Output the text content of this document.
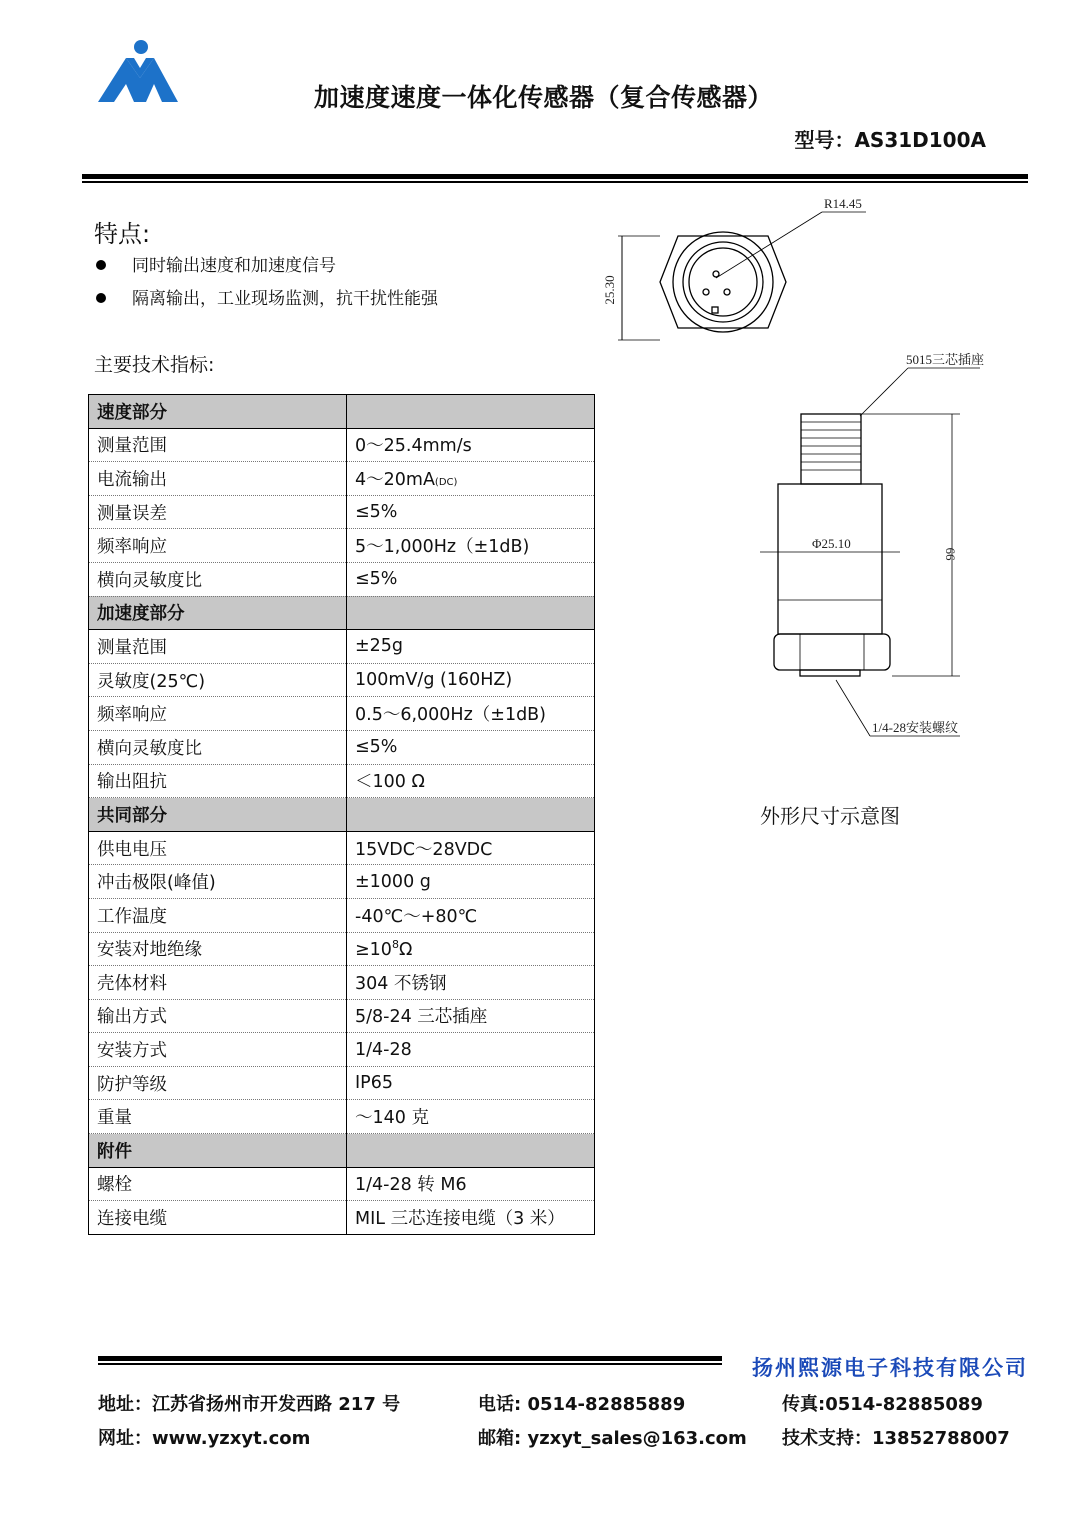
加速度速度一体化传感器（复合传感器）
型号：AS31D100A
特点:
同时输出速度和加速度信号
隔离输出，工业现场监测，抗干扰性能强
主要技术指标:
速度部分	
测量范围	0～25.4mm/s
电流输出	4～20mA(DC)
测量误差	≤5%
频率响应	5～1,000Hz（±1dB)
横向灵敏度比	≤5%
加速度部分	
测量范围	±25g
灵敏度(25℃)	100mV/g (160HZ)
频率响应	0.5～6,000Hz（±1dB)
横向灵敏度比	≤5%
输出阻抗	＜100 Ω
共同部分	
供电电压	15VDC～28VDC
冲击极限(峰值)	±1000 g
工作温度	-40℃～+80℃
安装对地绝缘	$\ge 10^8\Omega$
壳体材料	304 不锈钢
输出方式	5/8-24 三芯插座
安装方式	1/4-28
防护等级	IP65
重量	～140 克
附件	
螺栓	1/4-28 转 M6
连接电缆	MIL 三芯连接电缆（3 米）
R14.45
25.30
5015三芯插座
Φ25.10
66
1/4-28安装螺纹
外形尺寸示意图
扬州熙源电子科技有限公司
地址：江苏省扬州市开发西路 217 号	电话: 0514-82885889	传真:0514-82885089
网址：www.yzxyt.com	邮箱: yzxyt_sales@163.com 技术支持：13852788007
